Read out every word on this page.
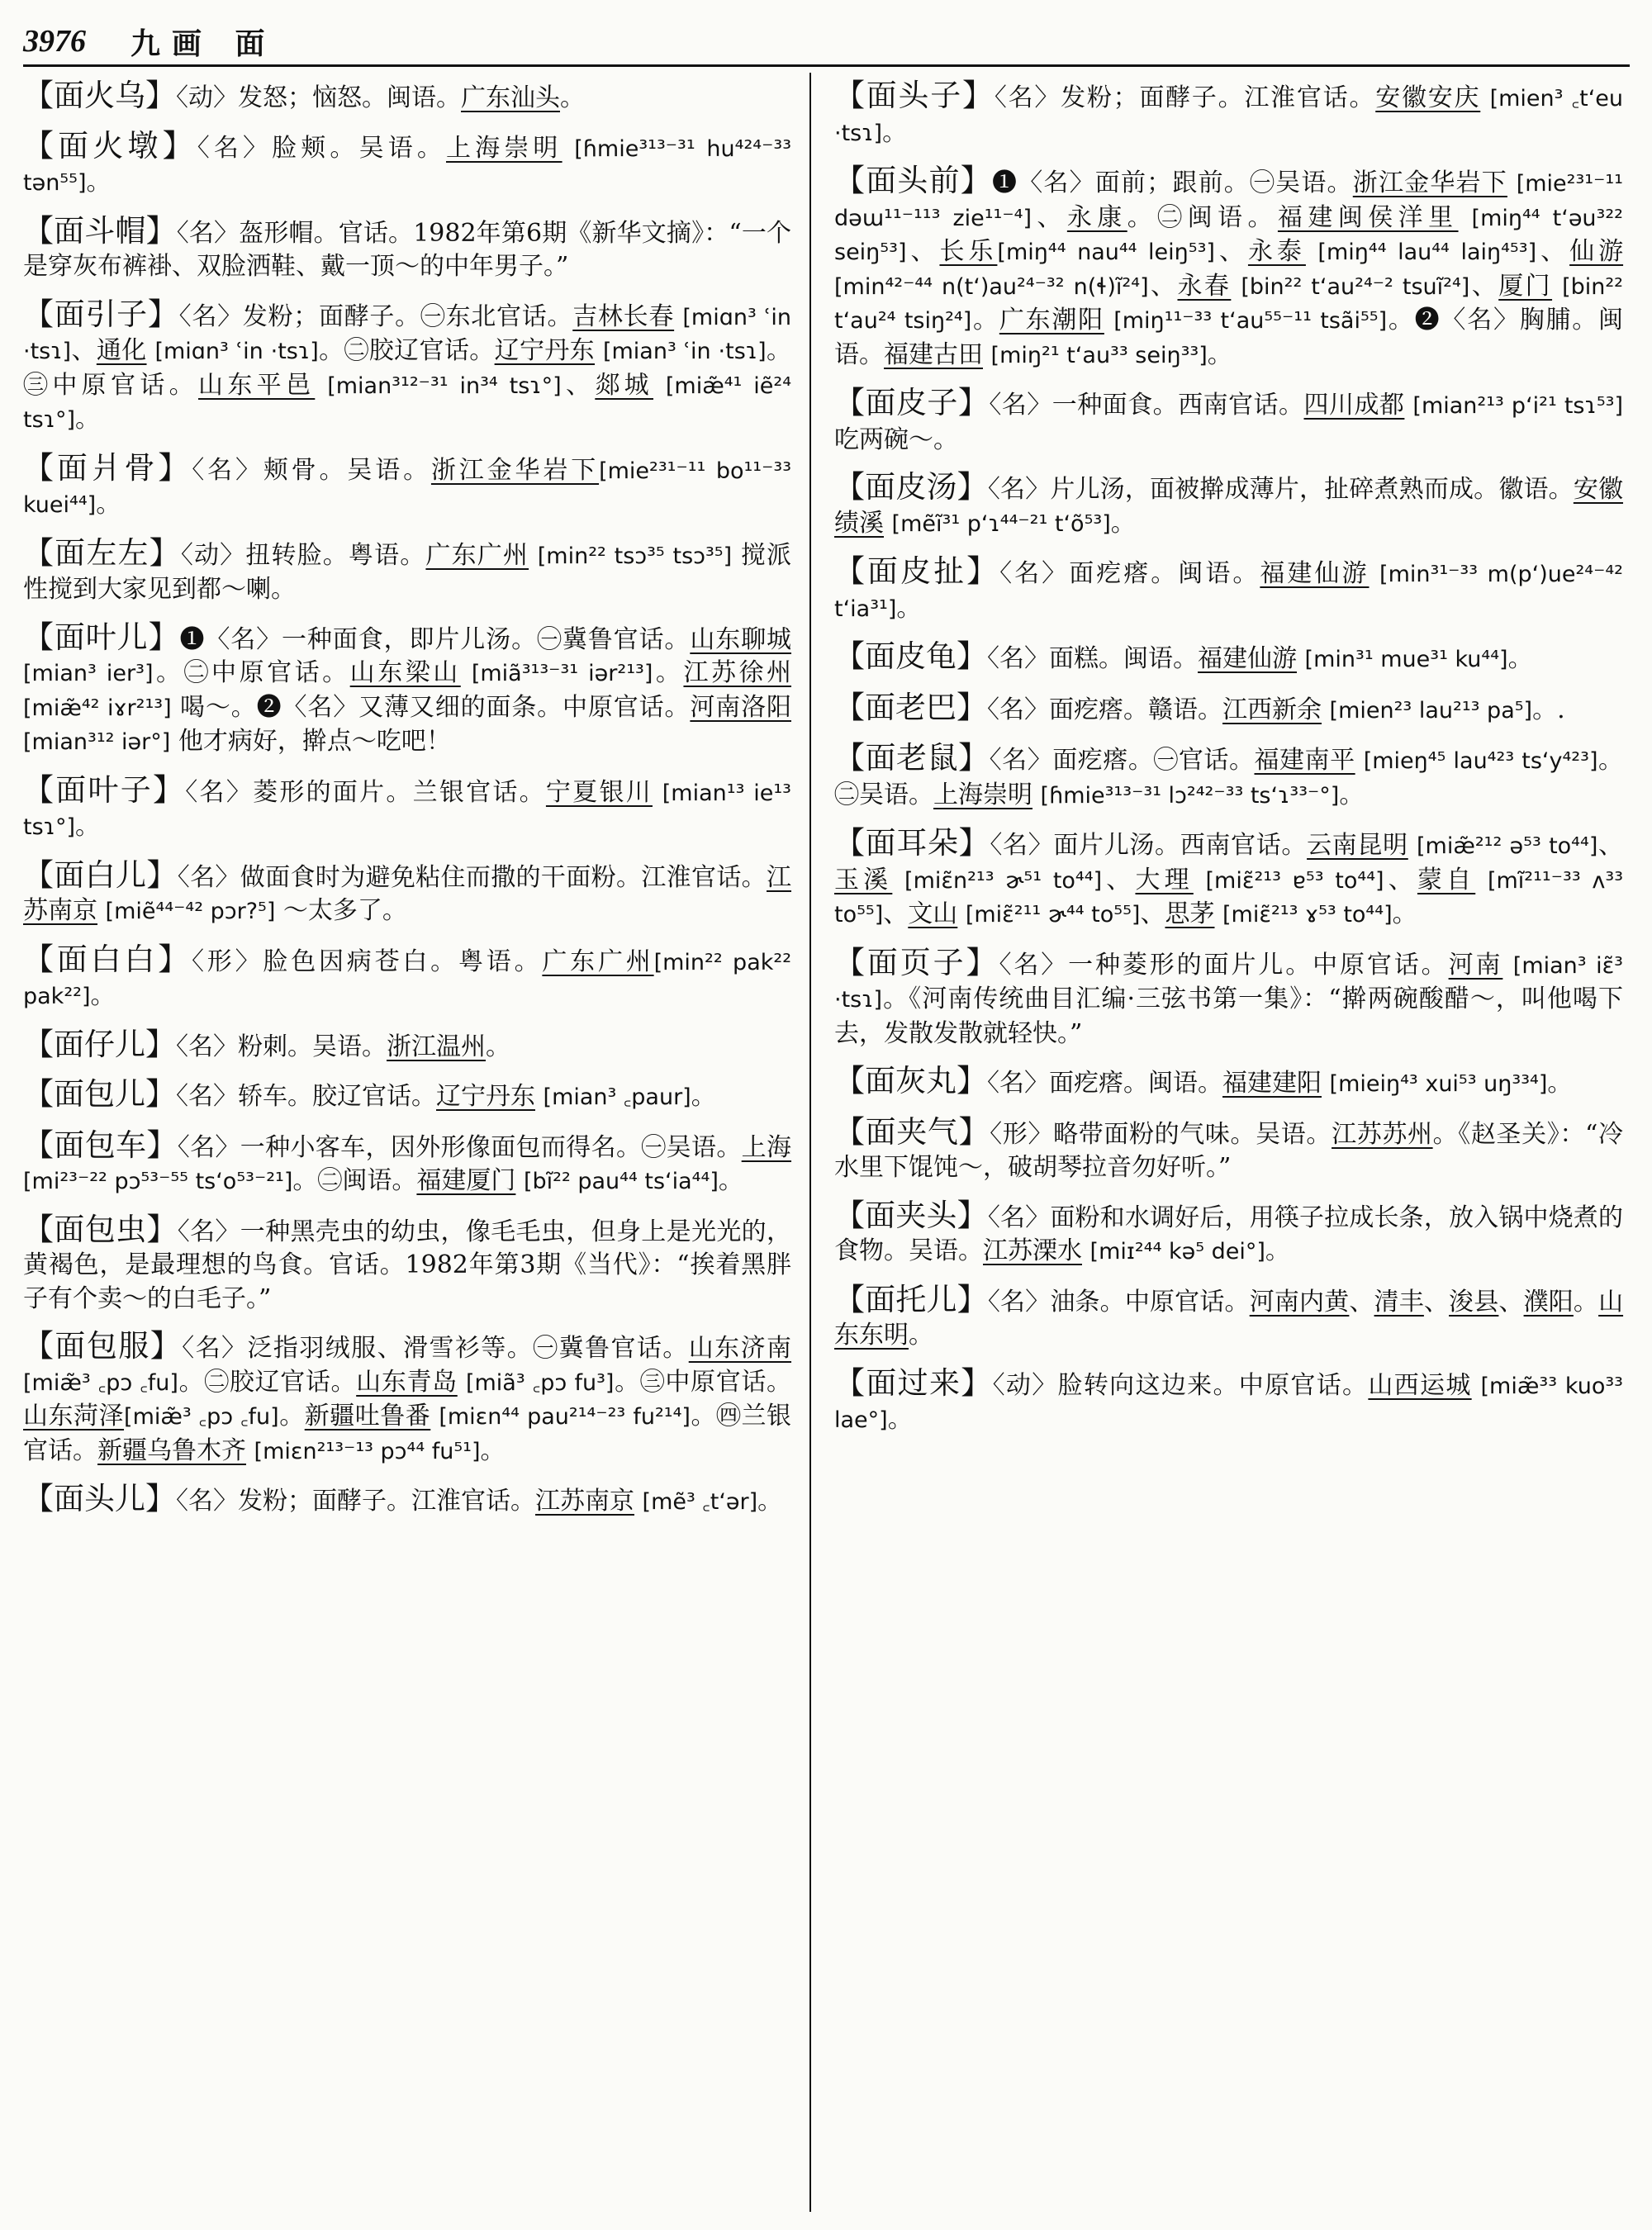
3976 九画 面
【面火乌】〈动〉发怒；恼怒。闽语。广东汕头。
【面火墩】〈名〉脸颊。吴语。上海崇明 [ɦmie³¹³⁻³¹ hu⁴²⁴⁻³³ tən⁵⁵]。
【面斗帽】〈名〉盔形帽。官话。1982年第6期《新华文摘》：“一个是穿灰布裤褂、双脸洒鞋、戴一顶～的中年男子。”
【面引子】〈名〉发粉；面酵子。㊀东北官话。吉林长春 [miɑn³ ʿin ·tsɿ]、通化 [miɑn³ ʿin ·tsɿ]。㊁胶辽官话。辽宁丹东 [mian³ ʿin ·tsɿ]。㊂中原官话。山东平邑 [mian³¹²⁻³¹ in³⁴ tsɿ°]、郯城 [miæ̃⁴¹ iẽ²⁴ tsɿ°]。
【面爿骨】〈名〉颊骨。吴语。浙江金华岩下[mie²³¹⁻¹¹ bo¹¹⁻³³ kuei⁴⁴]。
【面左左】〈动〉扭转脸。粤语。广东广州 [min²² tsɔ³⁵ tsɔ³⁵] 搅派性搅到大家见到都～喇。
【面叶儿】❶〈名〉一种面食，即片儿汤。㊀冀鲁官话。山东聊城 [mian³ ier³]。㊁中原官话。山东梁山 [miã³¹³⁻³¹ iər²¹³]。江苏徐州 [miæ̃⁴² iɤr²¹³] 喝～。❷〈名〉又薄又细的面条。中原官话。河南洛阳 [mian³¹² iər°] 他才病好，擀点～吃吧！
【面叶子】〈名〉菱形的面片。兰银官话。宁夏银川 [mian¹³ ie¹³ tsɿ°]。
【面白儿】〈名〉做面食时为避免粘住而撒的干面粉。江淮官话。江苏南京 [miẽ⁴⁴⁻⁴² pɔr?⁵] ～太多了。
【面白白】〈形〉脸色因病苍白。粤语。广东广州[min²² pak²² pak²²]。
【面仔儿】〈名〉粉刺。吴语。浙江温州。
【面包儿】〈名〉轿车。胶辽官话。辽宁丹东 [mian³ ꜀paur]。
【面包车】〈名〉一种小客车，因外形像面包而得名。㊀吴语。上海 [mi²³⁻²² pɔ⁵³⁻⁵⁵ ts‘o⁵³⁻²¹]。㊁闽语。福建厦门 [bĩ²² pau⁴⁴ ts‘ia⁴⁴]。
【面包虫】〈名〉一种黑壳虫的幼虫，像毛毛虫，但身上是光光的，黄褐色，是最理想的鸟食。官话。1982年第3期《当代》：“挨着黑胖子有个卖～的白毛子。”
【面包服】〈名〉泛指羽绒服、滑雪衫等。㊀冀鲁官话。山东济南 [miæ̃³ ꜀pɔ ꜀fu]。㊁胶辽官话。山东青岛 [miã³ ꜀pɔ fu³]。㊂中原官话。山东菏泽[miæ̃³ ꜀pɔ ꜀fu]。新疆吐鲁番 [miɛn⁴⁴ pau²¹⁴⁻²³ fu²¹⁴]。㊃兰银官话。新疆乌鲁木齐 [miɛn²¹³⁻¹³ pɔ⁴⁴ fu⁵¹]。
【面头儿】〈名〉发粉；面酵子。江淮官话。江苏南京 [mẽ³ ꜀t‘ər]。
【面头子】〈名〉发粉；面酵子。江淮官话。安徽安庆 [mien³ ꜀t‘eu ·tsɿ]。
【面头前】❶〈名〉面前；跟前。㊀吴语。浙江金华岩下 [mie²³¹⁻¹¹ dəɯ¹¹⁻¹¹³ zie¹¹⁻⁴]、永康。㊁闽语。福建闽侯洋里 [miŋ⁴⁴ t‘əu³²² seiŋ⁵³]、长乐[miŋ⁴⁴ nau⁴⁴ leiŋ⁵³]、永泰 [miŋ⁴⁴ lau⁴⁴ laiŋ⁴⁵³]、仙游 [min⁴²⁻⁴⁴ n(t‘)au²⁴⁻³² n(ɬ)ĩ²⁴]、永春 [bin²² t‘au²⁴⁻² tsuĩ²⁴]、厦门 [bin²² t‘au²⁴ tsiŋ²⁴]。广东潮阳 [miŋ¹¹⁻³³ t‘au⁵⁵⁻¹¹ tsãi⁵⁵]。❷〈名〉胸脯。闽语。福建古田 [miŋ²¹ t‘au³³ seiŋ³³]。
【面皮子】〈名〉一种面食。西南官话。四川成都 [mian²¹³ p‘i²¹ tsɿ⁵³] 吃两碗～。
【面皮汤】〈名〉片儿汤，面被擀成薄片，扯碎煮熟而成。徽语。安徽绩溪 [mẽĩ³¹ p‘ɿ⁴⁴⁻²¹ t‘õ⁵³]。
【面皮扯】〈名〉面疙瘩。闽语。福建仙游 [min³¹⁻³³ m(p‘)ue²⁴⁻⁴² t‘ia³¹]。
【面皮龟】〈名〉面糕。闽语。福建仙游 [min³¹ mue³¹ ku⁴⁴]。
【面老巴】〈名〉面疙瘩。赣语。江西新余 [mien²³ lau²¹³ pa⁵]。.
【面老鼠】〈名〉面疙瘩。㊀官话。福建南平 [mieŋ⁴⁵ lau⁴²³ ts‘y⁴²³]。㊁吴语。上海崇明 [ɦmie³¹³⁻³¹ lɔ²⁴²⁻³³ ts‘ɿ³³⁻°]。
【面耳朵】〈名〉面片儿汤。西南官话。云南昆明 [miæ̃²¹² ə⁵³ to⁴⁴]、玉溪 [miɛ̃n²¹³ ɚ⁵¹ to⁴⁴]、大理 [miɛ̃²¹³ ɐ⁵³ to⁴⁴]、蒙自 [mĩ²¹¹⁻³³ ʌ³³ to⁵⁵]、文山 [miɛ̃²¹¹ ɚ⁴⁴ to⁵⁵]、思茅 [miɛ̃²¹³ ɤ⁵³ to⁴⁴]。
【面页子】〈名〉一种菱形的面片儿。中原官话。河南 [mian³ iɛ̃³ ·tsɿ]。《河南传统曲目汇编·三弦书第一集》：“擀两碗酸醋～，叫他喝下去，发散发散就轻快。”
【面灰丸】〈名〉面疙瘩。闽语。福建建阳 [mieiŋ⁴³ xui⁵³ uŋ³³⁴]。
【面夹气】〈形〉略带面粉的气味。吴语。江苏苏州。《赵圣关》：“冷水里下馄饨～，破胡琴拉音勿好听。”
【面夹头】〈名〉面粉和水调好后，用筷子拉成长条，放入锅中烧煮的食物。吴语。江苏溧水 [miɪ²⁴⁴ kə⁵ dei°]。
【面托儿】〈名〉油条。中原官话。河南内黄、清丰、浚县、濮阳。山东东明。
【面过来】〈动〉脸转向这边来。中原官话。山西运城 [miæ̃³³ kuo³³ lae°]。
